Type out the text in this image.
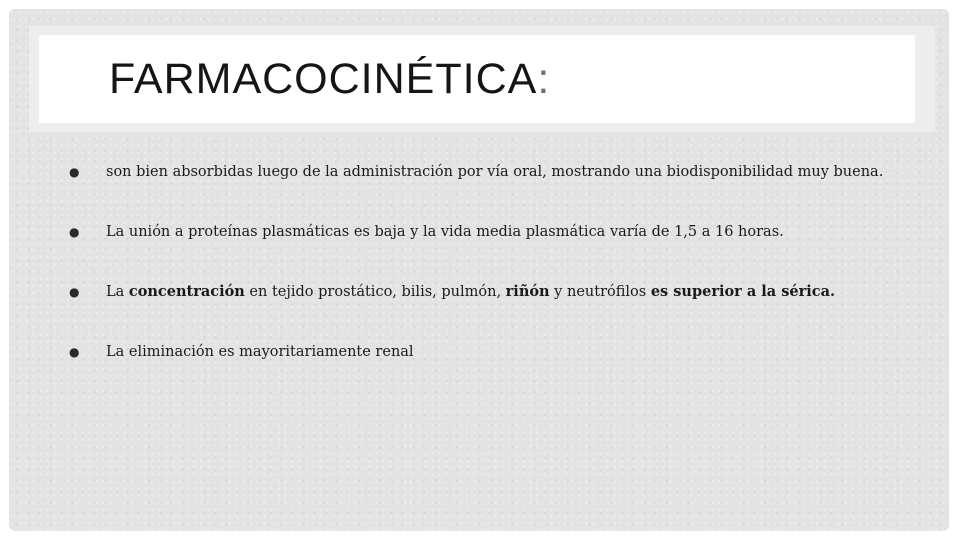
FARMACOCINÉTICA:
● son bien absorbidas luego de la administración por vía oral, mostrando una biodisponibilidad muy buena.
● La unión a proteínas plasmáticas es baja y la vida media plasmática varía de 1,5 a 16 horas.
● La concentración en tejido prostático, bilis, pulmón, riñón y neutrófilos es superior a la sérica.
● La eliminación es mayoritariamente renal
